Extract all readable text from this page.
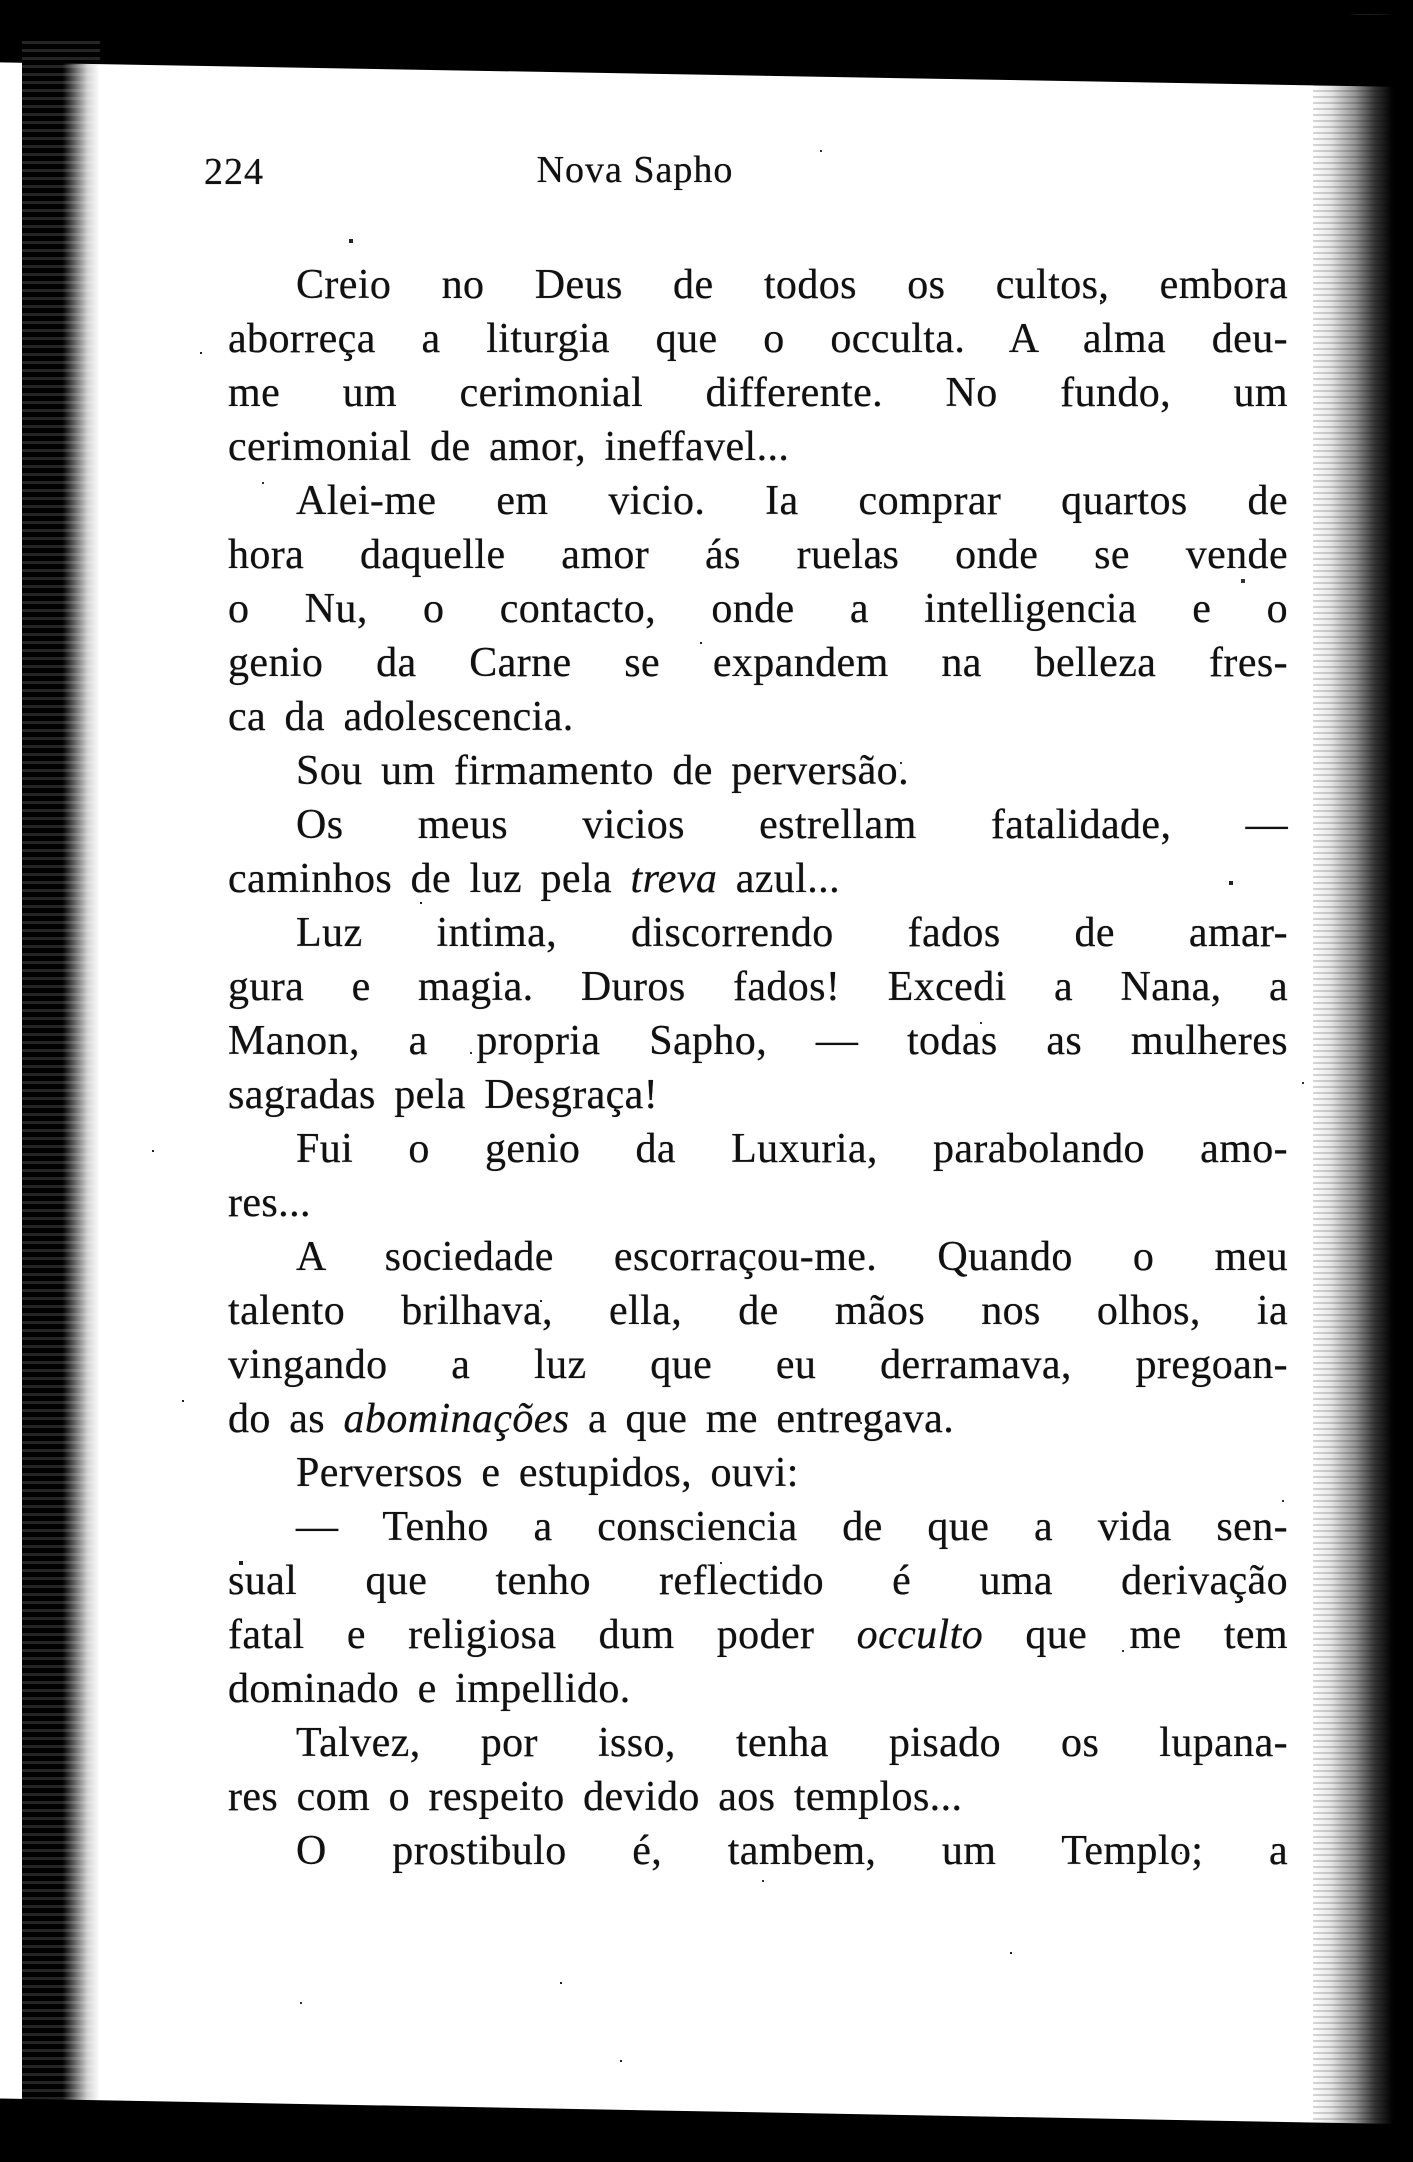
224	Nova Sapho
Creio no Deus de todos os cultos, embora
aborreça a liturgia que o occulta. A alma deu-
me um cerimonial differente. No fundo, um
cerimonial de amor, ineffavel...
Alei-me em vicio. Ia comprar quartos de
hora daquelle amor ás ruelas onde se vende
o Nu, o contacto, onde a intelligencia e o
genio da Carne se expandem na belleza fres-
ca da adolescencia.
Sou um firmamento de perversão.
Os meus vicios estrellam fatalidade, —
caminhos de luz pela treva azul...
Luz intima, discorrendo fados de amar-
gura e magia. Duros fados! Excedi a Nana, a
Manon, a propria Sapho, — todas as mulheres
sagradas pela Desgraça!
Fui o genio da Luxuria, parabolando amo-
res...
A sociedade escorraçou-me. Quando o meu
talento brilhava, ella, de mãos nos olhos, ia
vingando a luz que eu derramava, pregoan-
do as abominações a que me entregava.
Perversos e estupidos, ouvi:
— Tenho a consciencia de que a vida sen-
sual que tenho reflectido é uma derivação
fatal e religiosa dum poder occulto que me tem
dominado e impellido.
Talvez, por isso, tenha pisado os lupana-
res com o respeito devido aos templos...
O prostibulo é, tambem, um Templo; a
